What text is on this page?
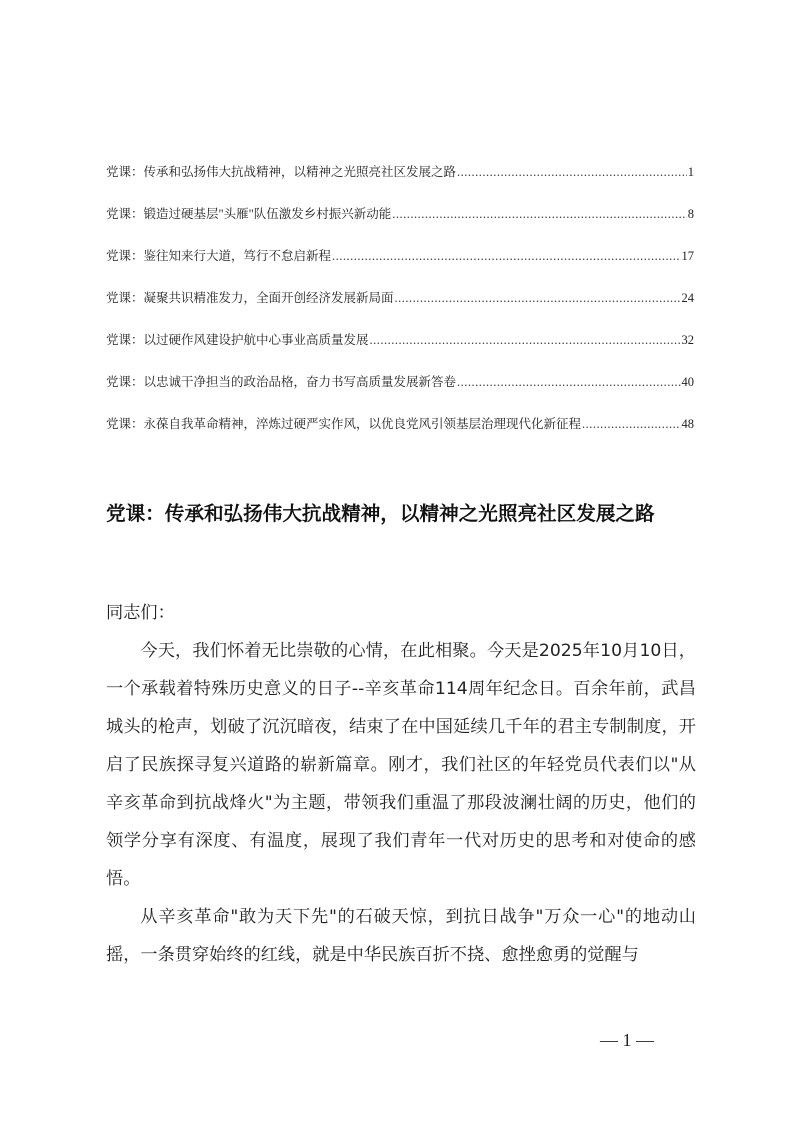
党课：传承和弘扬伟大抗战精神，以精神之光照亮社区发展之路 .....	1
党课：锻造过硬基层"头雁"队伍激发乡村振兴新动能 .....	8
党课：鉴往知来行大道，笃行不怠启新程 .....	17
党课：凝聚共识精准发力，全面开创经济发展新局面 .....	24
党课：以过硬作风建设护航中心事业高质量发展 .....	32
党课：以忠诚干净担当的政治品格，奋力书写高质量发展新答卷 .....	40
党课：永葆自我革命精神，淬炼过硬严实作风，以优良党风引领基层治理现代化新征程 .....	48
党课：传承和弘扬伟大抗战精神，以精神之光照亮社区发展之路

同志们：

今天，我们怀着无比崇敬的心情，在此相聚。今天是2025年10月10日，一个承载着特殊历史意义的日子--辛亥革命114周年纪念日。百余年前，武昌城头的枪声，划破了沉沉暗夜，结束了在中国延续几千年的君主专制制度，开启了民族探寻复兴道路的崭新篇章。刚才，我们社区的年轻党员代表们以"从辛亥革命到抗战烽火"为主题，带领我们重温了那段波澜壮阔的历史，他们的领学分享有深度、有温度，展现了我们青年一代对历史的思考和对使命的感悟。

从辛亥革命"敢为天下先"的石破天惊，到抗日战争"万众一心"的地动山摇，一条贯穿始终的红线，就是中华民族百折不挠、愈挫愈勇的觉醒与

— 1 —
